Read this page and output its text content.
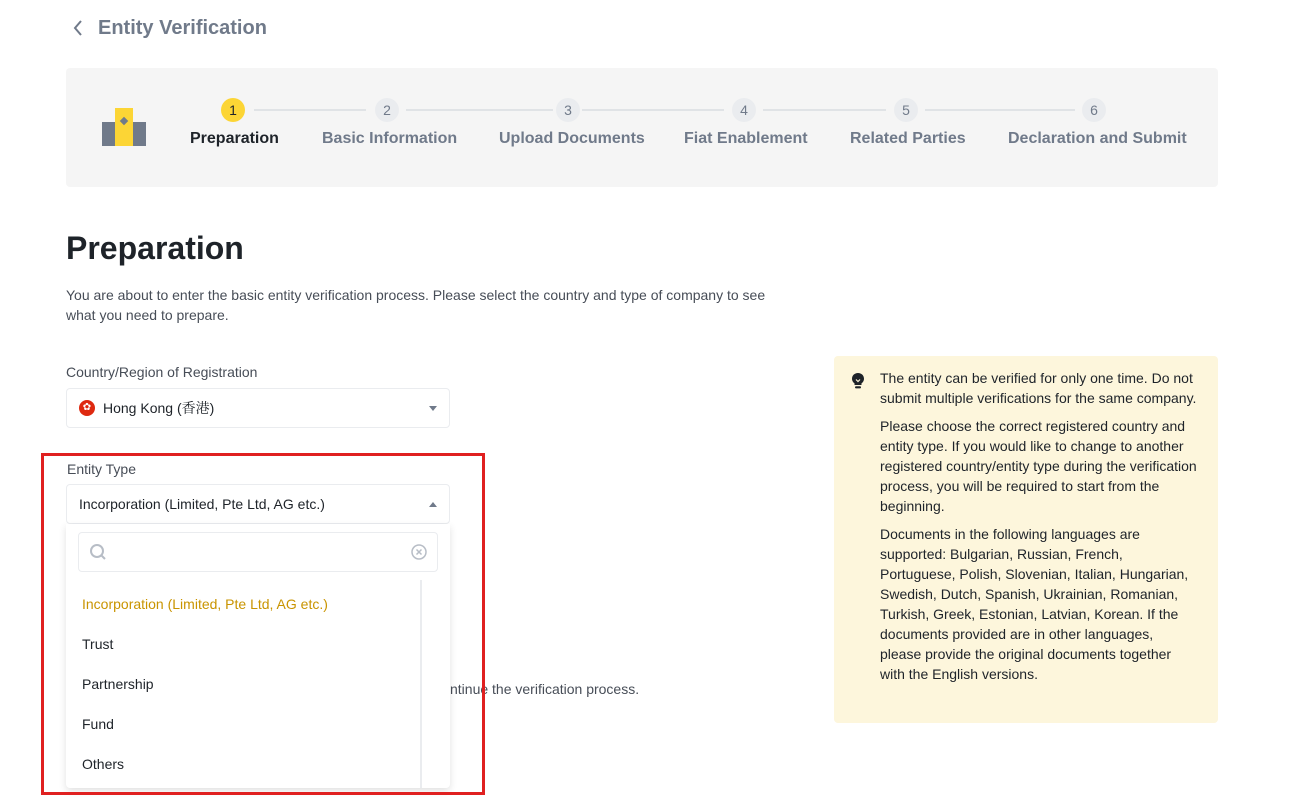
Entity Verification
1
Preparation
2
Basic Information
3
Upload Documents
4
Fiat Enablement
5
Related Parties
6
Declaration and Submit
Preparation

You are about to enter the basic entity verification process. Please select the country and type of company to see what you need to prepare.

Country/Region of Registration
✿ Hong Kong (香港)
ntinue the verification process.
Entity Type
Incorporation (Limited, Pte Ltd, AG etc.)
Incorporation (Limited, Pte Ltd, AG etc.)
Trust
Partnership
Fund
Others

The entity can be verified for only one time. Do not submit multiple verifications for the same company.

Please choose the correct registered country and entity type. If you would like to change to another registered country/entity type during the verification process, you will be required to start from the beginning.

Documents in the following languages are supported: Bulgarian, Russian, French, Portuguese, Polish, Slovenian, Italian, Hungarian, Swedish, Dutch, Spanish, Ukrainian, Romanian, Turkish, Greek, Estonian, Latvian, Korean. If the documents provided are in other languages, please provide the original documents together with the English versions.
